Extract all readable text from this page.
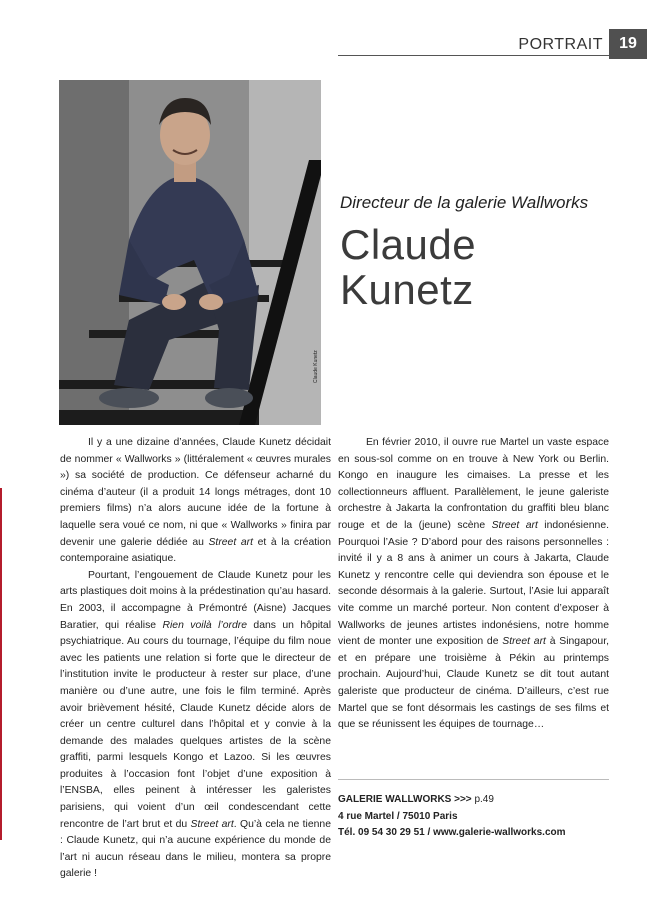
PORTRAIT	19
Claude Kunetz
Directeur de la galerie Wallworks
Claude
Kunetz

Il y a une dizaine d’années, Claude Kunetz décidait de nommer « Wallworks » (littéralement « œuvres murales ») sa société de production. Ce défenseur acharné du cinéma d’auteur (il a produit 14 longs métrages, dont 10 premiers films) n’a alors aucune idée de la fortune à laquelle sera voué ce nom, ni que « Wallworks » finira par devenir une galerie dédiée au Street art et à la création contemporaine asiatique.

Pourtant, l’engouement de Claude Kunetz pour les arts plastiques doit moins à la prédestination qu’au hasard. En 2003, il accompagne à Prémontré (Aisne) Jacques Baratier, qui réalise Rien voilà l’ordre dans un hôpital psychiatrique. Au cours du tournage, l’équipe du film noue avec les patients une relation si forte que le directeur de l’institution invite le producteur à rester sur place, d’une manière ou d’une autre, une fois le film terminé. Après avoir brièvement hésité, Claude Kunetz décide alors de créer un centre culturel dans l’hôpital et y convie à la demande des malades quelques artistes de la scène graffiti, parmi lesquels Kongo et Lazoo. Si les œuvres produites à l’occasion font l’objet d’une exposition à l’ENSBA, elles peinent à intéresser les galeristes parisiens, qui voient d’un œil condescendant cette rencontre de l’art brut et du Street art. Qu’à cela ne tienne : Claude Kunetz, qui n’a aucune expérience du monde de l’art ni aucun réseau dans le milieu, montera sa propre galerie !

En février 2010, il ouvre rue Martel un vaste espace en sous-sol comme on en trouve à New York ou Berlin. Kongo en inaugure les cimaises. La presse et les collectionneurs affluent. Parallèlement, le jeune galeriste orchestre à Jakarta la confrontation du graffiti bleu blanc rouge et de la (jeune) scène Street art indonésienne. Pourquoi l’Asie ? D’abord pour des raisons personnelles : invité il y a 8 ans à animer un cours à Jakarta, Claude Kunetz y rencontre celle qui deviendra son épouse et le seconde désormais à la galerie. Surtout, l’Asie lui apparaît vite comme un marché porteur. Non content d’exposer à Wallworks de jeunes artistes indonésiens, notre homme vient de monter une exposition de Street art à Singapour, et en prépare une troisième à Pékin au printemps prochain. Aujourd’hui, Claude Kunetz se dit tout autant galeriste que producteur de cinéma. D’ailleurs, c’est rue Martel que se font désormais les castings de ses films et que se réunissent les équipes de tournage…

GALERIE WALLWORKS >>> p.49
4 rue Martel / 75010 Paris
Tél. 09 54 30 29 51 / www.galerie-wallworks.com
